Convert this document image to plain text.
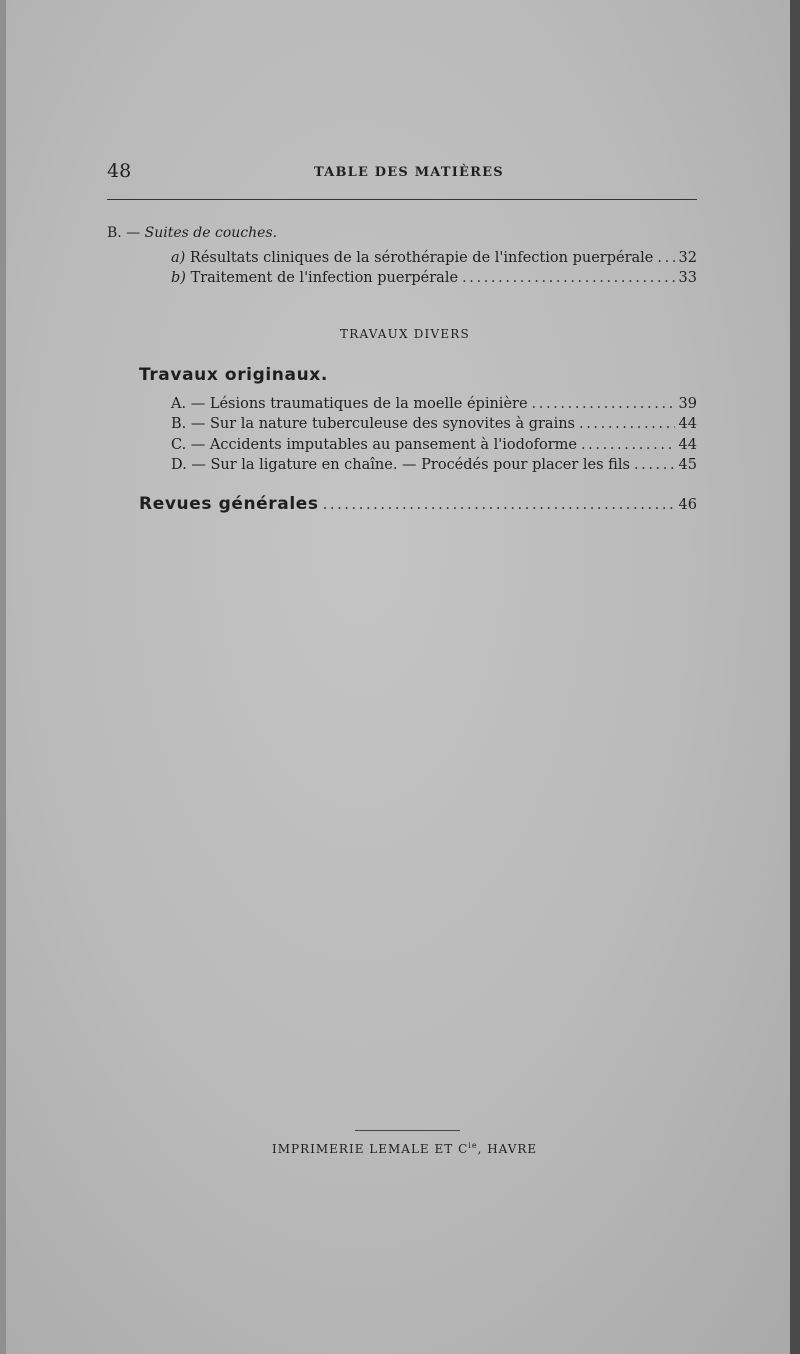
48	TABLE DES MATIÈRES
B. — Suites de couches.
a) Résultats cliniques de la sérothérapie de l'infection puerpérale . . . 32
b) Traitement de l'infection puerpérale . . .	33
TRAVAUX DIVERS
Travaux originaux.
A. — Lésions traumatiques de la moelle épinière . . .	39
B. — Sur la nature tuberculeuse des synovites à grains . . .	44
C. — Accidents imputables au pansement à l'iodoforme . . .	44
D. — Sur la ligature en chaîne. — Procédés pour placer les fils . . .	45
Revues générales . . .	46
IMPRIMERIE LEMALE ET $C^{ie}$, HAVRE
